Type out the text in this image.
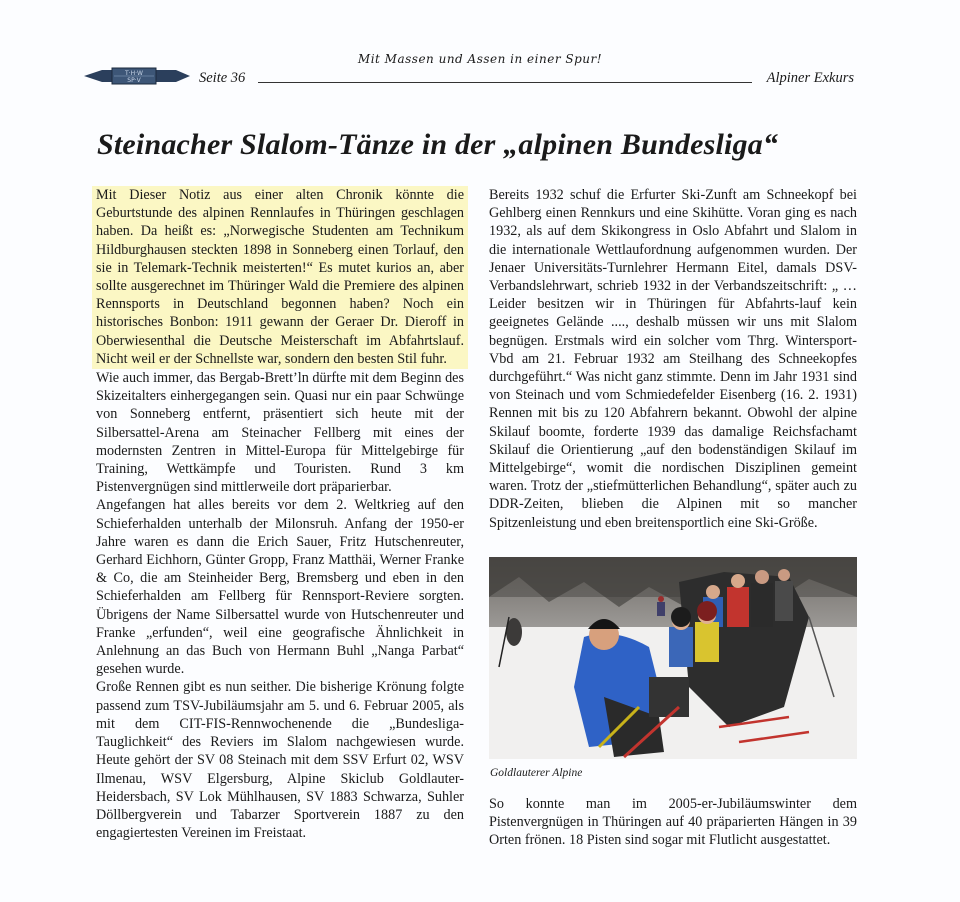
Mit Massen und Assen in einer Spur!
T·H·W
SP·V	Seite 36	Alpiner Exkurs
Steinacher Slalom-Tänze in der „alpinen Bundesliga“

Mit Dieser Notiz aus einer alten Chronik könnte die Geburtstunde des alpinen Rennlaufes in Thüringen geschlagen haben. Da heißt es: „Norwegische Studenten am Technikum Hildburghausen steckten 1898 in Sonneberg einen Torlauf, den sie in Telemark-Technik meisterten!“ Es mutet kurios an, aber sollte ausgerechnet im Thüringer Wald die Premiere des alpinen Rennsports in Deutschland begonnen haben? Noch ein historisches Bonbon: 1911 gewann der Geraer Dr. Dieroff in Oberwiesenthal die Deutsche Meisterschaft im Abfahrtslauf. Nicht weil er der Schnellste war, sondern den besten Stil fuhr.

Wie auch immer, das Bergab-Brett’ln dürfte mit dem Beginn des Skizeitalters einhergegangen sein. Quasi nur ein paar Schwünge von Sonneberg entfernt, präsentiert sich heute mit der Silbersattel-Arena am Steinacher Fellberg mit eines der modernsten Zentren in Mittel-Europa für Mittelgebirge für Training, Wettkämpfe und Touristen. Rund 3 km Pistenvergnügen sind mittlerweile dort präparierbar.

Angefangen hat alles bereits vor dem 2. Weltkrieg auf den Schieferhalden unterhalb der Milonsruh. Anfang der 1950-er Jahre waren es dann die Erich Sauer, Fritz Hutschenreuter, Gerhard Eichhorn, Günter Gropp, Franz Matthäi, Werner Franke & Co, die am Steinheider Berg, Bremsberg und eben in den Schieferhalden am Fellberg für Rennsport-Reviere sorgten. Übrigens der Name Silbersattel wurde von Hutschenreuter und Franke „erfunden“, weil eine geografische Ähnlichkeit in Anlehnung an das Buch von Hermann Buhl „Nanga Parbat“ gesehen wurde.

Große Rennen gibt es nun seither. Die bisherige Krönung folgte passend zum TSV-Jubiläumsjahr am 5. und 6. Februar 2005, als mit dem CIT-FIS-Rennwochenende die „Bundesliga-Tauglichkeit“ des Reviers im Slalom nachgewiesen wurde. Heute gehört der SV 08 Steinach mit dem SSV Erfurt 02, WSV Ilmenau, WSV Elgersburg, Alpine Skiclub Goldlauter-Heidersbach, SV Lok Mühlhausen, SV 1883 Schwarza, Suhler Döllbergverein und Tabarzer Sportverein 1887 zu den engagiertesten Vereinen im Freistaat.

Bereits 1932 schuf die Erfurter Ski-Zunft am Schneekopf bei Gehlberg einen Rennkurs und eine Skihütte. Voran ging es nach 1932, als auf dem Skikongress in Oslo Abfahrt und Slalom in die internationale Wettlaufordnung aufgenommen wurden. Der Jenaer Universitäts-Turnlehrer Hermann Eitel, damals DSV-Verbandslehrwart, schrieb 1932 in der Verbandszeitschrift: „ … Leider besitzen wir in Thüringen für Abfahrts-lauf kein geeignetes Gelände ...., deshalb müssen wir uns mit Slalom begnügen. Erstmals wird ein solcher vom Thrg. Wintersport-Vbd am 21. Februar 1932 am Steilhang des Schneekopfes durchgeführt.“ Was nicht ganz stimmte. Denn im Jahr 1931 sind von Steinach und vom Schmiedefelder Eisenberg (16. 2. 1931) Rennen mit bis zu 120 Abfahrern bekannt. Obwohl der alpine Skilauf boomte, forderte 1939 das damalige Reichsfachamt Skilauf die Orientierung „auf den bodenständigen Skilauf im Mittelgebirge“, womit die nordischen Disziplinen gemeint waren. Trotz der „stiefmütterlichen Behandlung“, später auch zu DDR-Zeiten, blieben die Alpinen mit so mancher Spitzenleistung und eben breitensportlich eine Ski-Größe.

Goldlauterer Alpine

So konnte man im 2005-er-Jubiläumswinter dem Pistenvergnügen in Thüringen auf 40 präparierten Hängen in 39 Orten frönen. 18 Pisten sind sogar mit Flutlicht ausgestattet.
